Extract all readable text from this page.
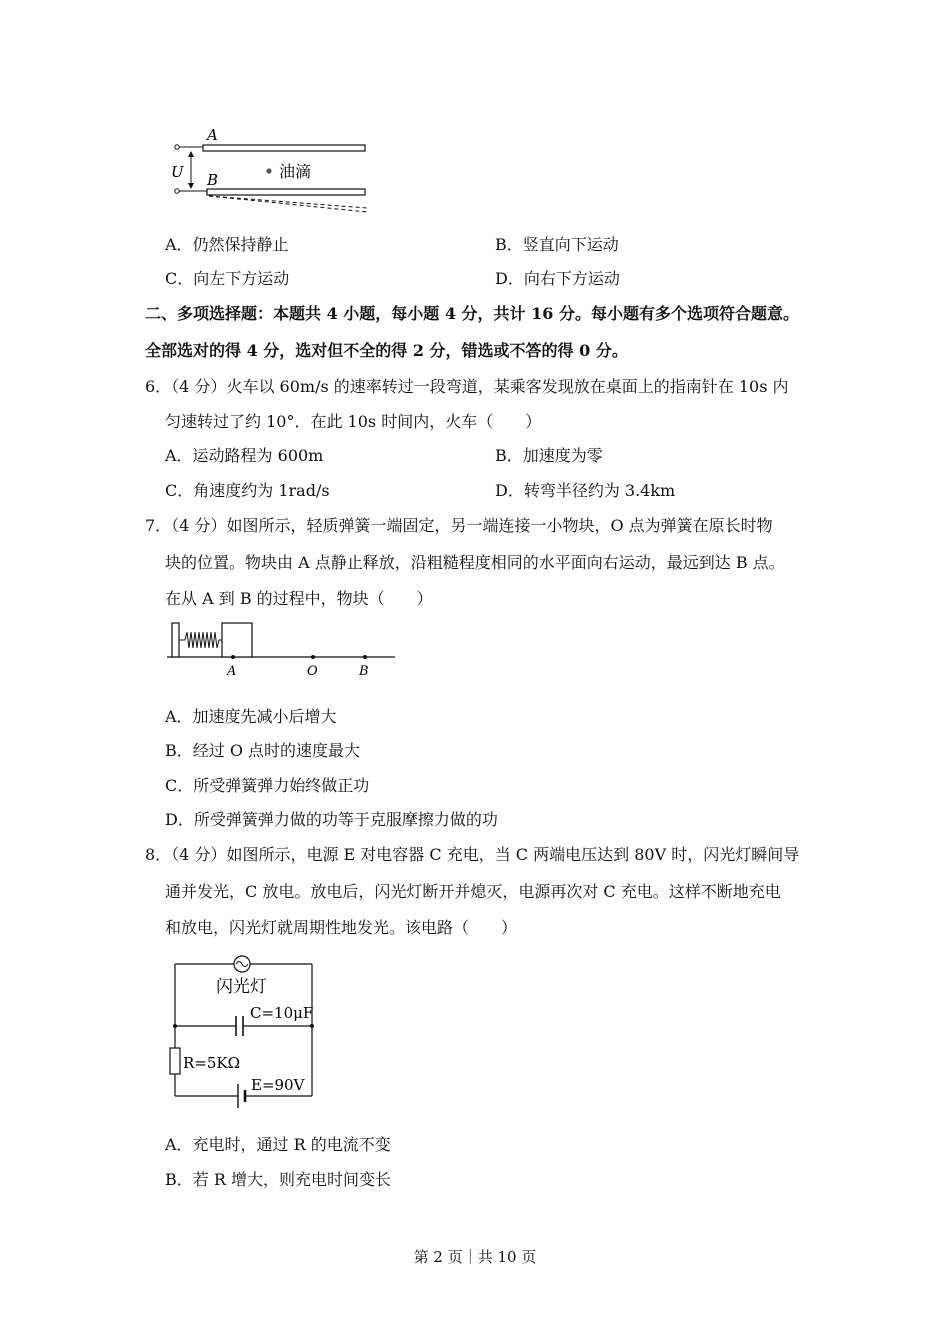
A
U	油滴
B
A．仍然保持静止	B．竖直向下运动
C．向左下方运动	D．向右下方运动
二、多项选择题：本题共 4 小题，每小题 4 分，共计 16 分。每小题有多个选项符合题意。
全部选对的得 4 分，选对但不全的得 2 分，错选或不答的得 0 分。
6．（4 分）火车以 60m/s 的速率转过一段弯道，某乘客发现放在桌面上的指南针在 10s 内
匀速转过了约 10°．在此 10s 时间内，火车（　　）
A．运动路程为 600m	B．加速度为零
C．角速度约为 1rad/s	D．转弯半径约为 3.4km
7．（4 分）如图所示，轻质弹簧一端固定，另一端连接一小物块，O 点为弹簧在原长时物
块的位置。物块由 A 点静止释放，沿粗糙程度相同的水平面向右运动，最远到达 B 点。
在从 A 到 B 的过程中，物块（　　）
A	O	B
A．加速度先减小后增大
B．经过 O 点时的速度最大
C．所受弹簧弹力始终做正功
D．所受弹簧弹力做的功等于克服摩擦力做的功
8．（4 分）如图所示，电源 E 对电容器 C 充电，当 C 两端电压达到 80V 时，闪光灯瞬间导
通并发光，C 放电。放电后，闪光灯断开并熄灭，电源再次对 C 充电。这样不断地充电
和放电，闪光灯就周期性地发光。该电路（　　）
闪光灯
C=10μF
R=5KΩ
E=90V
A．充电时，通过 R 的电流不变
B．若 R 增大，则充电时间变长
第 2 页｜共 10 页
